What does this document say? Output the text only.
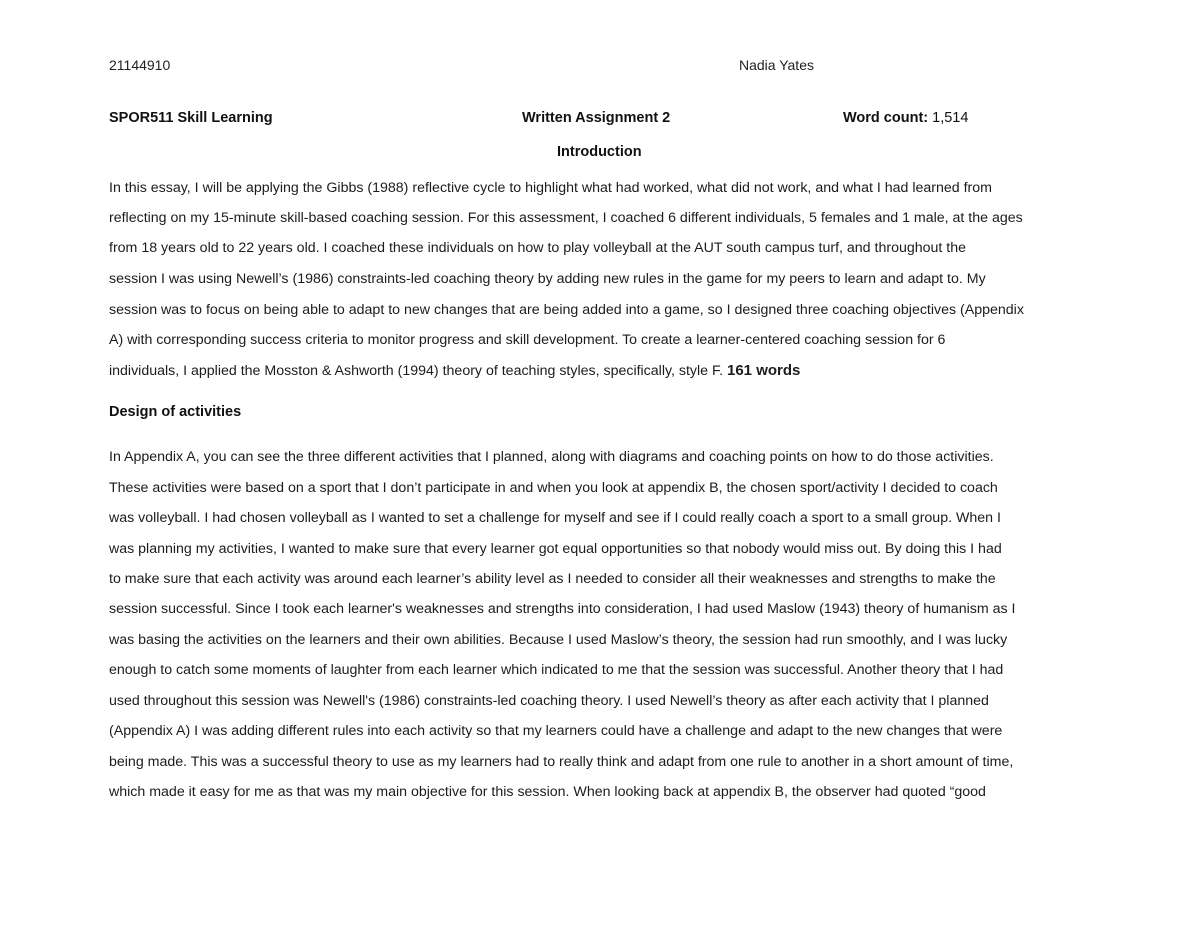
21144910	Nadia Yates
SPOR511 Skill Learning	Written Assignment 2	Word count: 1,514
Introduction
In this essay, I will be applying the Gibbs (1988) reflective cycle to highlight what had worked, what did not work, and what I had learned from
reflecting on my 15-minute skill-based coaching session. For this assessment, I coached 6 different individuals, 5 females and 1 male, at the ages
from 18 years old to 22 years old. I coached these individuals on how to play volleyball at the AUT south campus turf, and throughout the
session I was using Newell’s (1986) constraints-led coaching theory by adding new rules in the game for my peers to learn and adapt to. My
session was to focus on being able to adapt to new changes that are being added into a game, so I designed three coaching objectives (Appendix
A) with corresponding success criteria to monitor progress and skill development. To create a learner-centered coaching session for 6
individuals, I applied the Mosston & Ashworth (1994) theory of teaching styles, specifically, style F. 161 words
Design of activities
In Appendix A, you can see the three different activities that I planned, along with diagrams and coaching points on how to do those activities.
These activities were based on a sport that I don’t participate in and when you look at appendix B, the chosen sport/activity I decided to coach
was volleyball. I had chosen volleyball as I wanted to set a challenge for myself and see if I could really coach a sport to a small group. When I
was planning my activities, I wanted to make sure that every learner got equal opportunities so that nobody would miss out. By doing this I had
to make sure that each activity was around each learner’s ability level as I needed to consider all their weaknesses and strengths to make the
session successful. Since I took each learner's weaknesses and strengths into consideration, I had used Maslow (1943) theory of humanism as I
was basing the activities on the learners and their own abilities. Because I used Maslow’s theory, the session had run smoothly, and I was lucky
enough to catch some moments of laughter from each learner which indicated to me that the session was successful. Another theory that I had
used throughout this session was Newell's (1986) constraints-led coaching theory. I used Newell’s theory as after each activity that I planned
(Appendix A) I was adding different rules into each activity so that my learners could have a challenge and adapt to the new changes that were
being made. This was a successful theory to use as my learners had to really think and adapt from one rule to another in a short amount of time,
which made it easy for me as that was my main objective for this session. When looking back at appendix B, the observer had quoted “good
